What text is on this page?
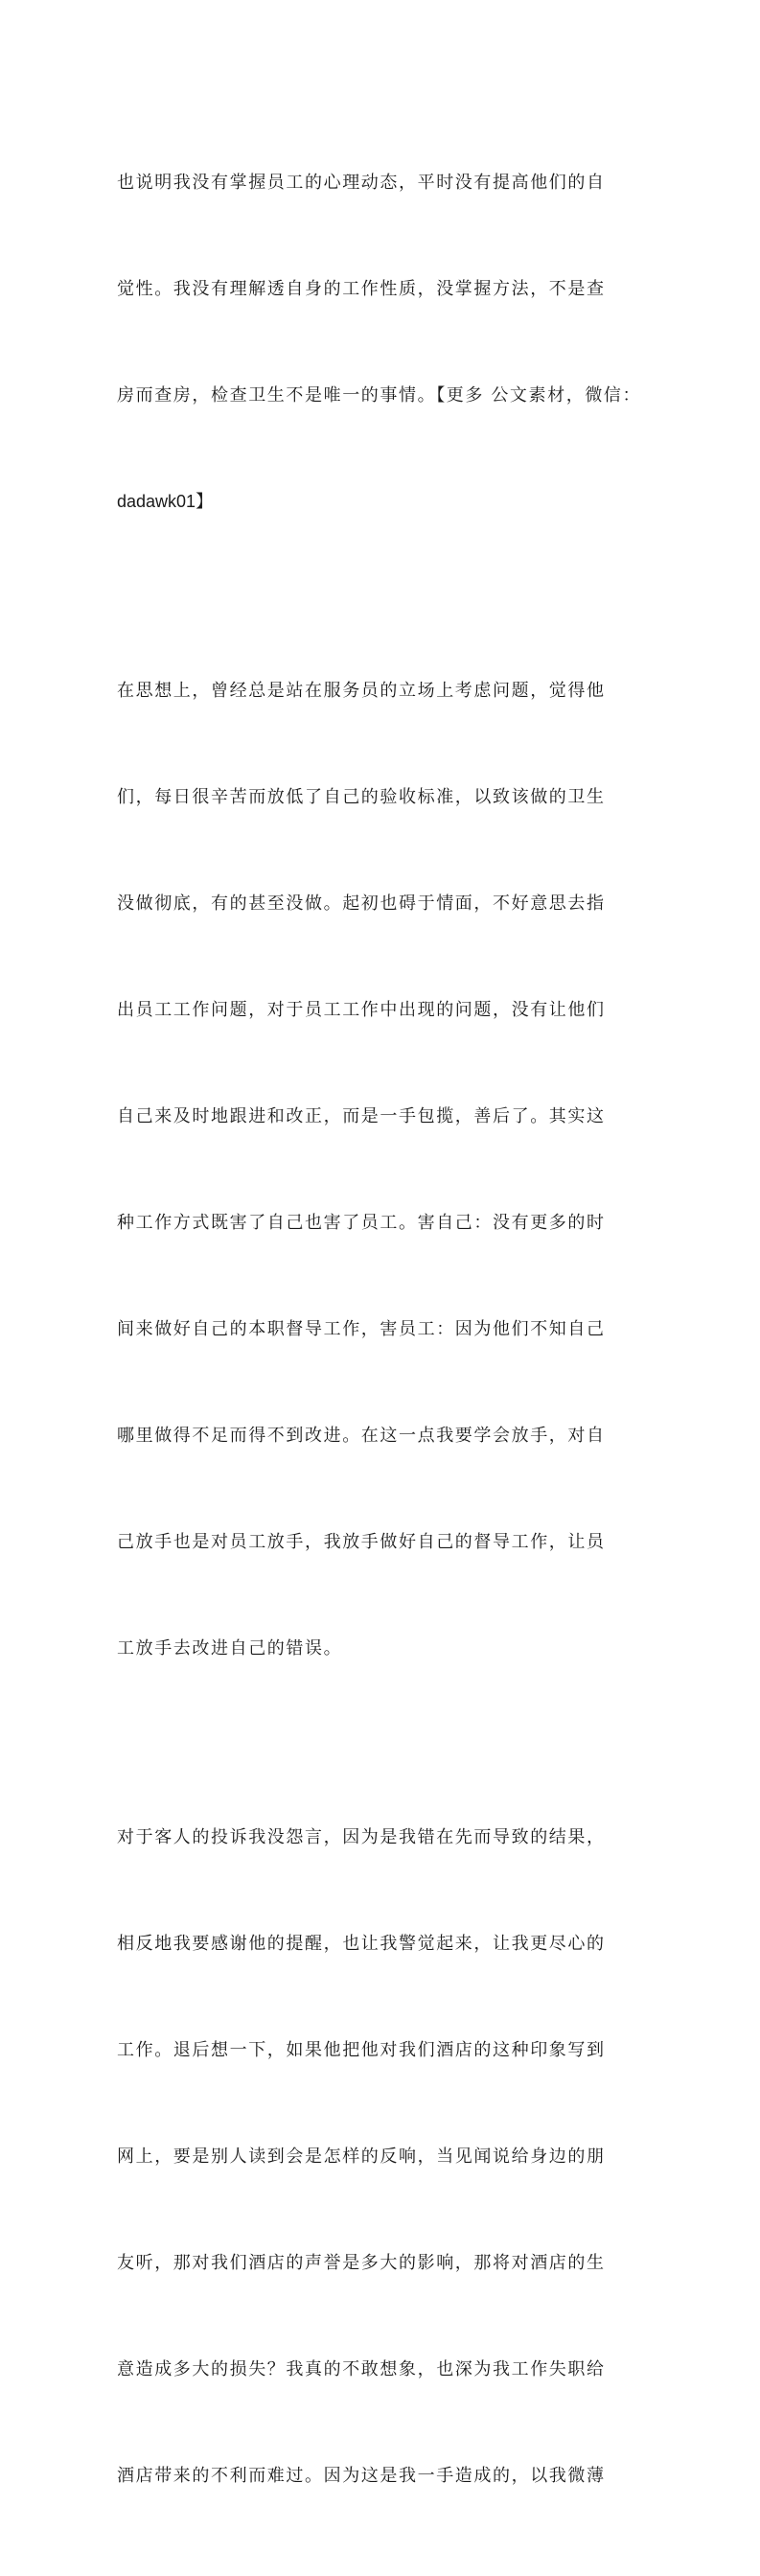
也说明我没有掌握员工的心理动态，平时没有提高他们的自

觉性。我没有理解透自身的工作性质，没掌握方法，不是查

房而查房，检查卫生不是唯一的事情。【更多 公文素材，微信：

dadawk01】

在思想上，曾经总是站在服务员的立场上考虑问题，觉得他

们，每日很辛苦而放低了自己的验收标准，以致该做的卫生

没做彻底，有的甚至没做。起初也碍于情面，不好意思去指

出员工工作问题，对于员工工作中出现的问题，没有让他们

自己来及时地跟进和改正，而是一手包揽，善后了。其实这

种工作方式既害了自己也害了员工。害自己：没有更多的时

间来做好自己的本职督导工作，害员工：因为他们不知自己

哪里做得不足而得不到改进。在这一点我要学会放手，对自

己放手也是对员工放手，我放手做好自己的督导工作，让员

工放手去改进自己的错误。

对于客人的投诉我没怨言，因为是我错在先而导致的结果，

相反地我要感谢他的提醒，也让我警觉起来，让我更尽心的

工作。退后想一下，如果他把他对我们酒店的这种印象写到

网上，要是别人读到会是怎样的反响，当见闻说给身边的朋

友听，那对我们酒店的声誉是多大的影响，那将对酒店的生

意造成多大的损失？我真的不敢想象，也深为我工作失职给

酒店带来的不利而难过。因为这是我一手造成的，以我微薄
